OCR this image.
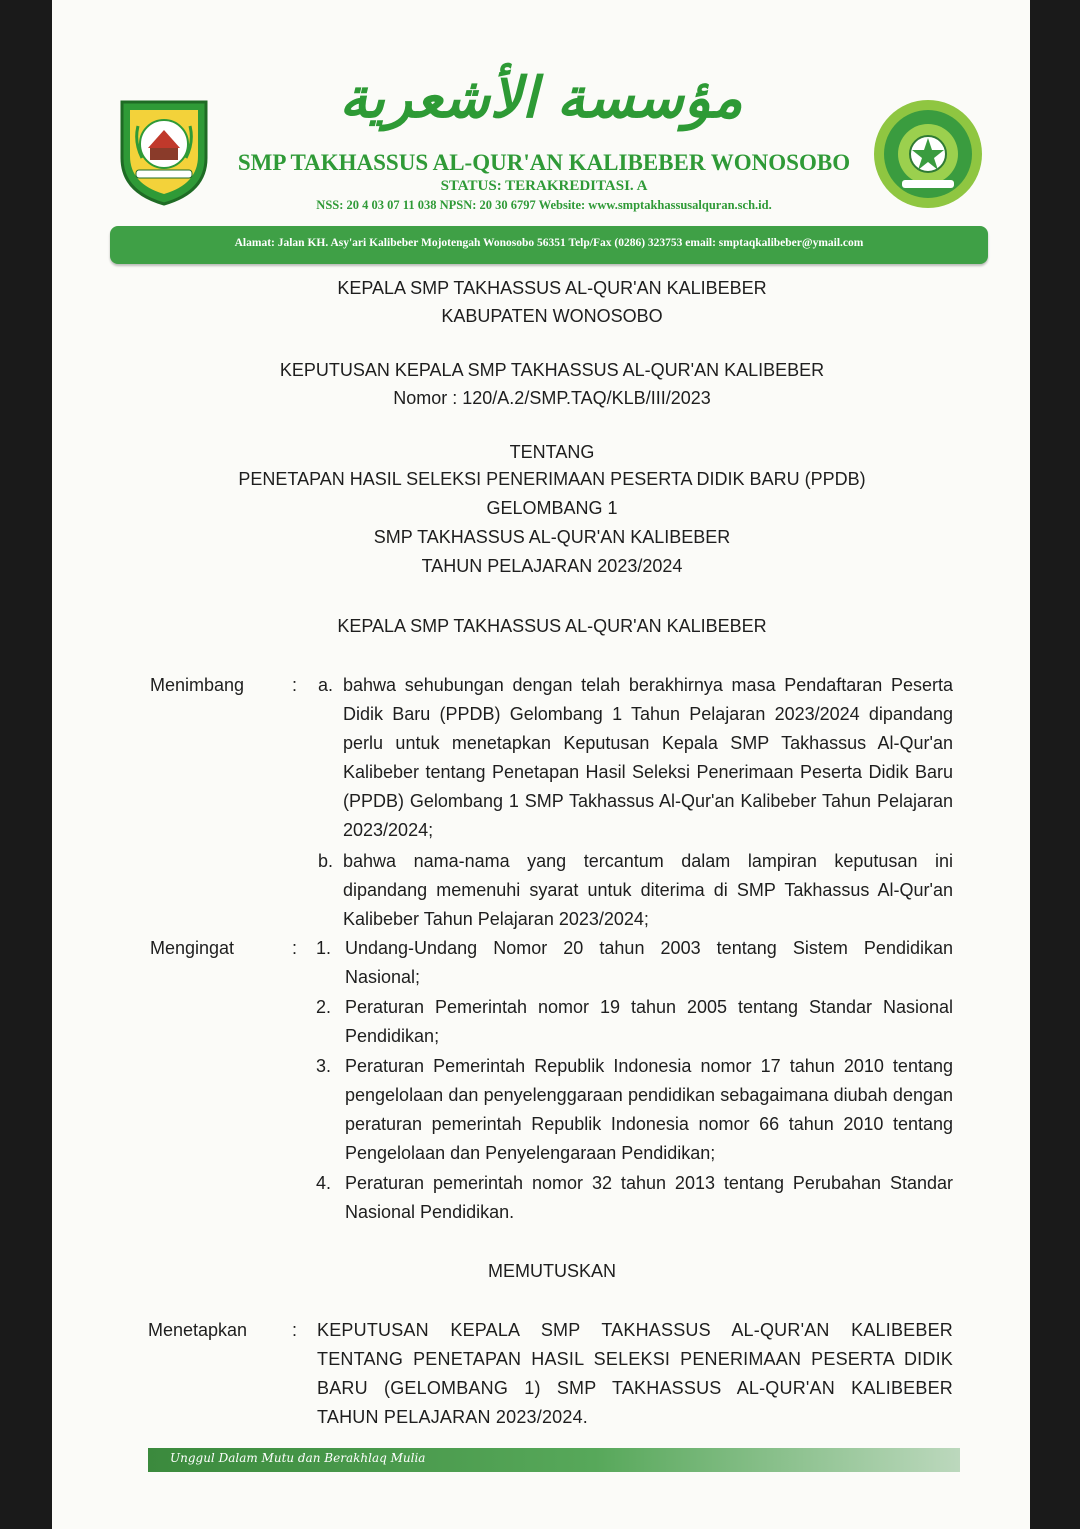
مؤسسة الأشعرية
SMP TAKHASSUS AL-QUR'AN KALIBEBER WONOSOBO
STATUS: TERAKREDITASI. A
NSS: 20 4 03 07 11 038 NPSN: 20 30 6797 Website: www.smptakhassusalquran.sch.id.
Alamat: Jalan KH. Asy'ari Kalibeber Mojotengah Wonosobo 56351 Telp/Fax (0286) 323753 email: smptaqkalibeber@ymail.com
KEPALA SMP TAKHASSUS AL-QUR'AN KALIBEBER
KABUPATEN WONOSOBO
KEPUTUSAN KEPALA SMP TAKHASSUS AL-QUR'AN KALIBEBER
Nomor : 120/A.2/SMP.TAQ/KLB/III/2023
TENTANG
PENETAPAN HASIL SELEKSI PENERIMAAN PESERTA DIDIK BARU (PPDB)
GELOMBANG 1
SMP TAKHASSUS AL-QUR'AN KALIBEBER
TAHUN PELAJARAN 2023/2024
KEPALA SMP TAKHASSUS AL-QUR'AN KALIBEBER
Menimbang	: a. bahwa sehubungan dengan telah berakhirnya masa Pendaftaran Peserta Didik Baru (PPDB) Gelombang 1 Tahun Pelajaran 2023/2024 dipandang perlu untuk menetapkan Keputusan Kepala SMP Takhassus Al-Qur'an Kalibeber tentang Penetapan Hasil Seleksi Penerimaan Peserta Didik Baru (PPDB) Gelombang 1 SMP Takhassus Al-Qur'an Kalibeber Tahun Pelajaran 2023/2024;
b. bahwa nama-nama yang tercantum dalam lampiran keputusan ini dipandang memenuhi syarat untuk diterima di SMP Takhassus Al-Qur'an Kalibeber Tahun Pelajaran 2023/2024;
Mengingat	: 1. Undang-Undang Nomor 20 tahun 2003 tentang Sistem Pendidikan Nasional;
2. Peraturan Pemerintah nomor 19 tahun 2005 tentang Standar Nasional Pendidikan;
3. Peraturan Pemerintah Republik Indonesia nomor 17 tahun 2010 tentang pengelolaan dan penyelenggaraan pendidikan sebagaimana diubah dengan peraturan pemerintah Republik Indonesia nomor 66 tahun 2010 tentang Pengelolaan dan Penyelengaraan Pendidikan;
4. Peraturan pemerintah nomor 32 tahun 2013 tentang Perubahan Standar Nasional Pendidikan.
MEMUTUSKAN
Menetapkan : KEPUTUSAN KEPALA SMP TAKHASSUS AL-QUR'AN KALIBEBER TENTANG PENETAPAN HASIL SELEKSI PENERIMAAN PESERTA DIDIK BARU (GELOMBANG 1) SMP TAKHASSUS AL-QUR'AN KALIBEBER TAHUN PELAJARAN 2023/2024.
Unggul Dalam Mutu dan Berakhlaq Mulia
